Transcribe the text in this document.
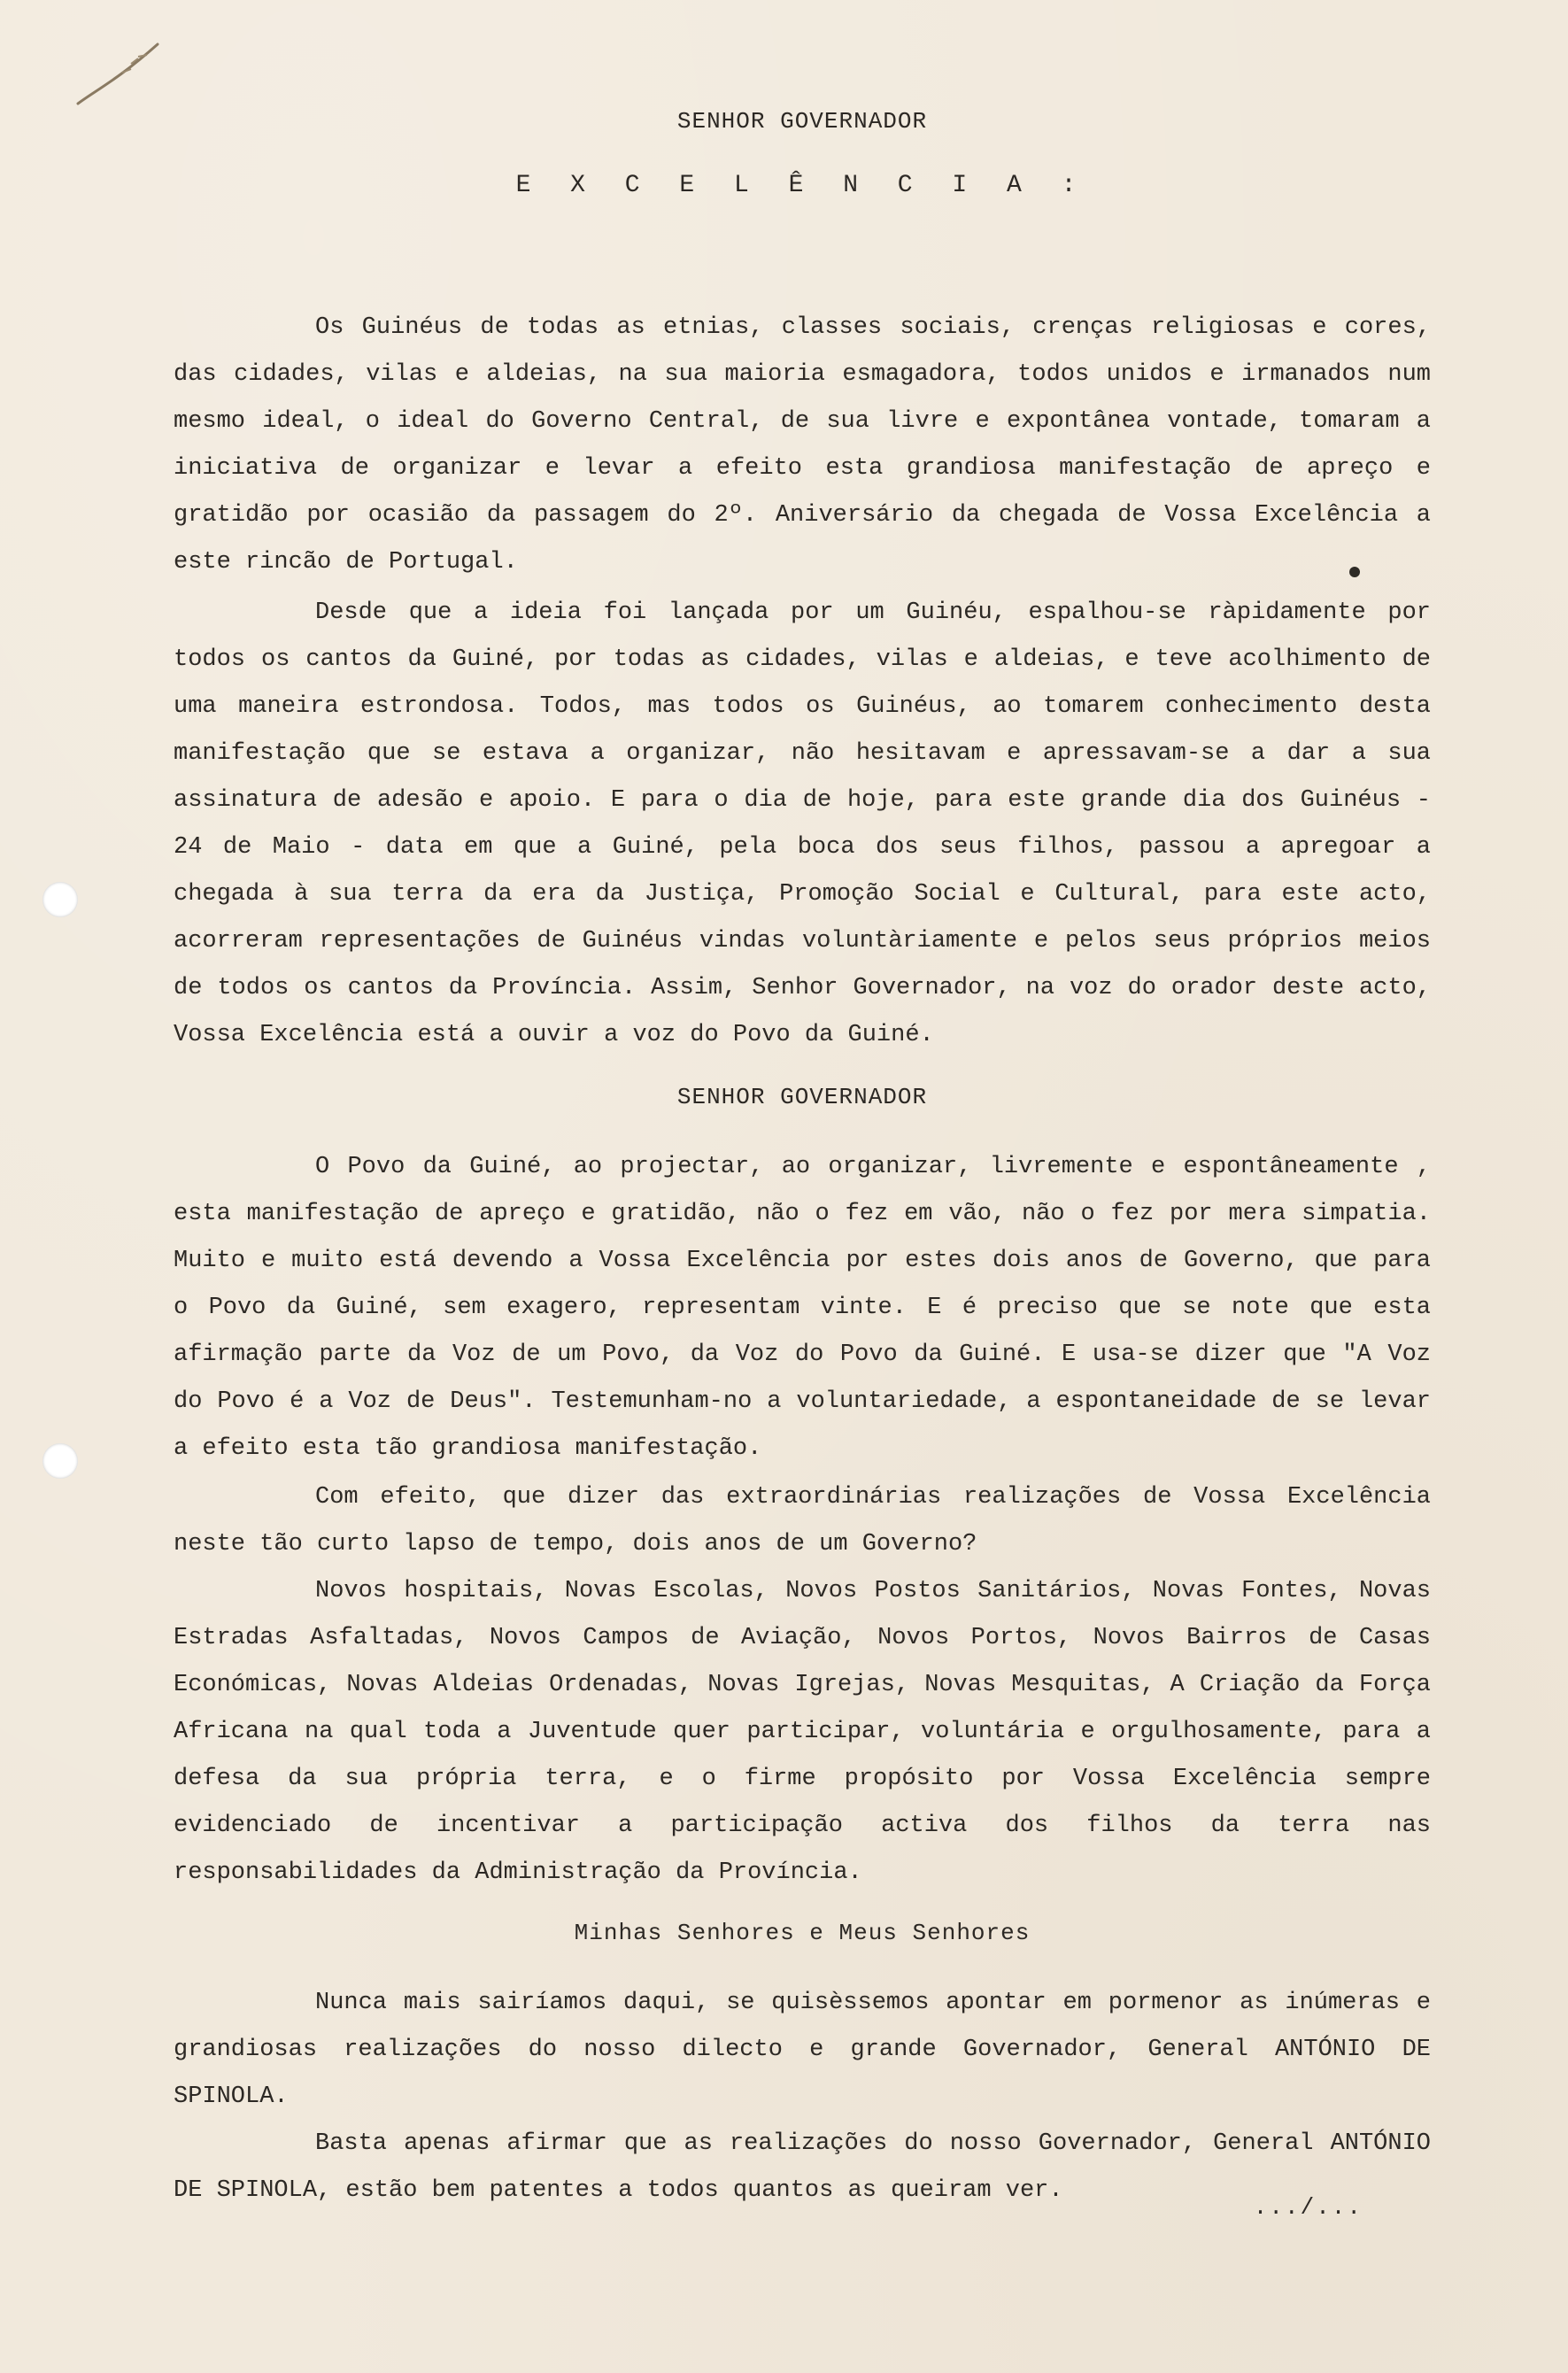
SENHOR GOVERNADOR
E X C E L Ê N C I A :

Os Guinéus de todas as etnias, classes sociais, crenças religiosas e cores, das cidades, vilas e aldeias, na sua maioria esmagadora, todos unidos e irmanados num mesmo ideal, o ideal do Governo Central, de sua livre e expontânea vontade, tomaram a iniciativa de organizar e levar a efeito esta grandiosa manifestação de apreço e gratidão por ocasião da passagem do 2º. Aniversário da chegada de Vossa Excelência a este rincão de Portugal.

Desde que a ideia foi lançada por um Guinéu, espalhou-se ràpidamente por todos os cantos da Guiné, por todas as cidades, vilas e aldeias, e teve acolhimento de uma maneira estrondosa. Todos, mas todos os Guinéus, ao tomarem conhecimento desta manifestação que se estava a organizar, não hesitavam e apressavam-se a dar a sua assinatura de adesão e apoio. E para o dia de hoje, para este grande dia dos Guinéus - 24 de Maio - data em que a Guiné, pela boca dos seus filhos, passou a apregoar a chegada à sua terra da era da Justiça, Promoção Social e Cultural, para este acto, acorreram representações de Guinéus vindas voluntàriamente e pelos seus próprios meios de todos os cantos da Província. Assim, Senhor Governador, na voz do orador deste acto, Vossa Excelência está a ouvir a voz do Povo da Guiné.

SENHOR GOVERNADOR

O Povo da Guiné, ao projectar, ao organizar, livremente e espontâneamente , esta manifestação de apreço e gratidão, não o fez em vão, não o fez por mera simpatia. Muito e muito está devendo a Vossa Excelência por estes dois anos de Governo, que para o Povo da Guiné, sem exagero, representam vinte. E é preciso que se note que esta afirmação parte da Voz de um Povo, da Voz do Povo da Guiné. E usa-se dizer que "A Voz do Povo é a Voz de Deus". Testemunham-no a voluntariedade, a espontaneidade de se levar a efeito esta tão grandiosa manifestação.

Com efeito, que dizer das extraordinárias realizações de Vossa Excelência neste tão curto lapso de tempo, dois anos de um Governo?

Novos hospitais, Novas Escolas, Novos Postos Sanitários, Novas Fontes, Novas Estradas Asfaltadas, Novos Campos de Aviação, Novos Portos, Novos Bairros de Casas Económicas, Novas Aldeias Ordenadas, Novas Igrejas, Novas Mesquitas, A Criação da Força Africana na qual toda a Juventude quer participar, voluntária e orgulhosamente, para a defesa da sua própria terra, e o firme propósito por Vossa Excelência sempre evidenciado de incentivar a participação activa dos filhos da terra nas responsabilidades da Administração da Província.

Minhas Senhores e Meus Senhores

Nunca mais sairíamos daqui, se quisèssemos apontar em pormenor as inúmeras e grandiosas realizações do nosso dilecto e grande Governador, General ANTÓNIO DE SPINOLA.

Basta apenas afirmar que as realizações do nosso Governador, General ANTÓNIO DE SPINOLA, estão bem patentes a todos quantos as queiram ver.

.../...
